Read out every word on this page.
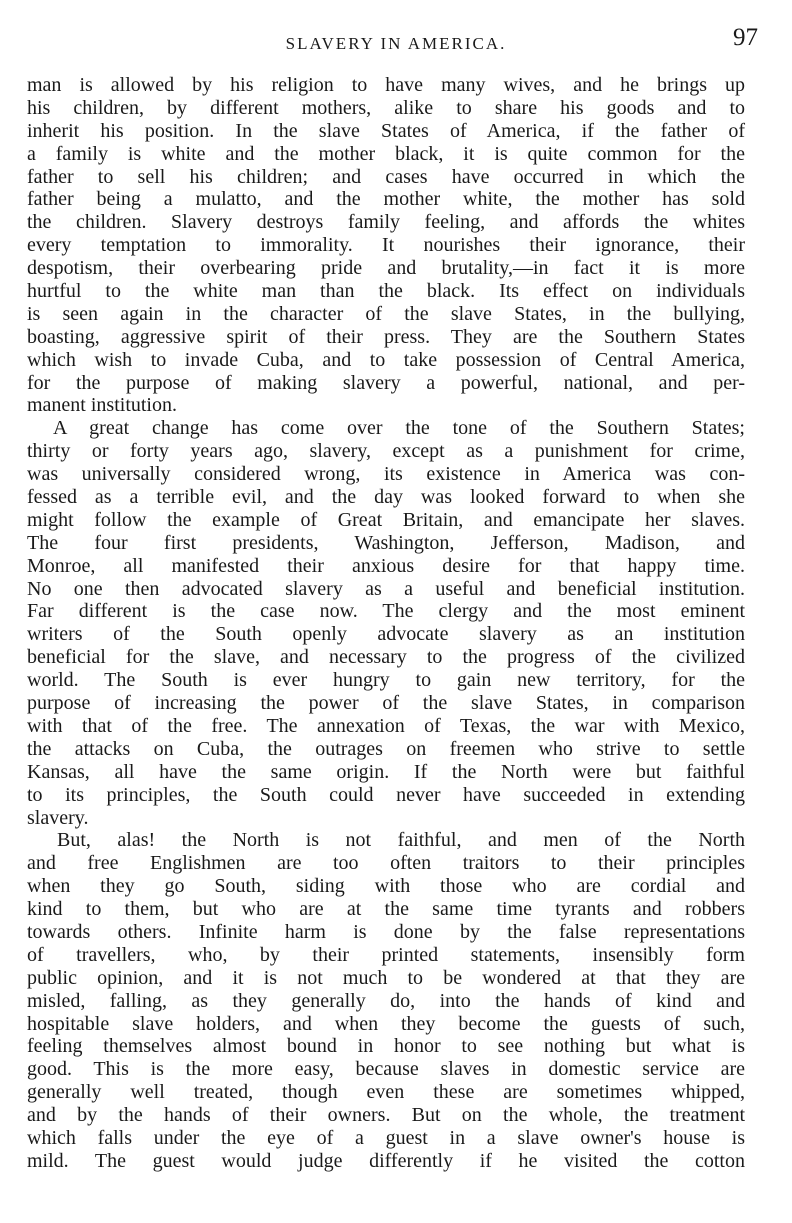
SLAVERY IN AMERICA.	97
man is allowed by his religion to have many wives, and he brings up
his children, by different mothers, alike to share his goods and to
inherit his position. In the slave States of America, if the father of
a family is white and the mother black, it is quite common for the
father to sell his children; and cases have occurred in which the
father being a mulatto, and the mother white, the mother has sold
the children. Slavery destroys family feeling, and affords the whites
every temptation to immorality. It nourishes their ignorance, their
despotism, their overbearing pride and brutality,—in fact it is more
hurtful to the white man than the black. Its effect on individuals
is seen again in the character of the slave States, in the bullying,
boasting, aggressive spirit of their press. They are the Southern States
which wish to invade Cuba, and to take possession of Central America,
for the purpose of making slavery a powerful, national, and per-
manent institution.
A great change has come over the tone of the Southern States;
thirty or forty years ago, slavery, except as a punishment for crime,
was universally considered wrong, its existence in America was con-
fessed as a terrible evil, and the day was looked forward to when she
might follow the example of Great Britain, and emancipate her slaves.
The four first presidents, Washington, Jefferson, Madison, and
Monroe, all manifested their anxious desire for that happy time.
No one then advocated slavery as a useful and beneficial institution.
Far different is the case now. The clergy and the most eminent
writers of the South openly advocate slavery as an institution
beneficial for the slave, and necessary to the progress of the civilized
world. The South is ever hungry to gain new territory, for the
purpose of increasing the power of the slave States, in comparison
with that of the free. The annexation of Texas, the war with Mexico,
the attacks on Cuba, the outrages on freemen who strive to settle
Kansas, all have the same origin. If the North were but faithful
to its principles, the South could never have succeeded in extending
slavery.
But, alas! the North is not faithful, and men of the North
and free Englishmen are too often traitors to their principles
when they go South, siding with those who are cordial and
kind to them, but who are at the same time tyrants and robbers
towards others. Infinite harm is done by the false representations
of travellers, who, by their printed statements, insensibly form
public opinion, and it is not much to be wondered at that they are
misled, falling, as they generally do, into the hands of kind and
hospitable slave holders, and when they become the guests of such,
feeling themselves almost bound in honor to see nothing but what is
good. This is the more easy, because slaves in domestic service are
generally well treated, though even these are sometimes whipped,
and by the hands of their owners. But on the whole, the treatment
which falls under the eye of a guest in a slave owner's house is
mild. The guest would judge differently if he visited the cotton
